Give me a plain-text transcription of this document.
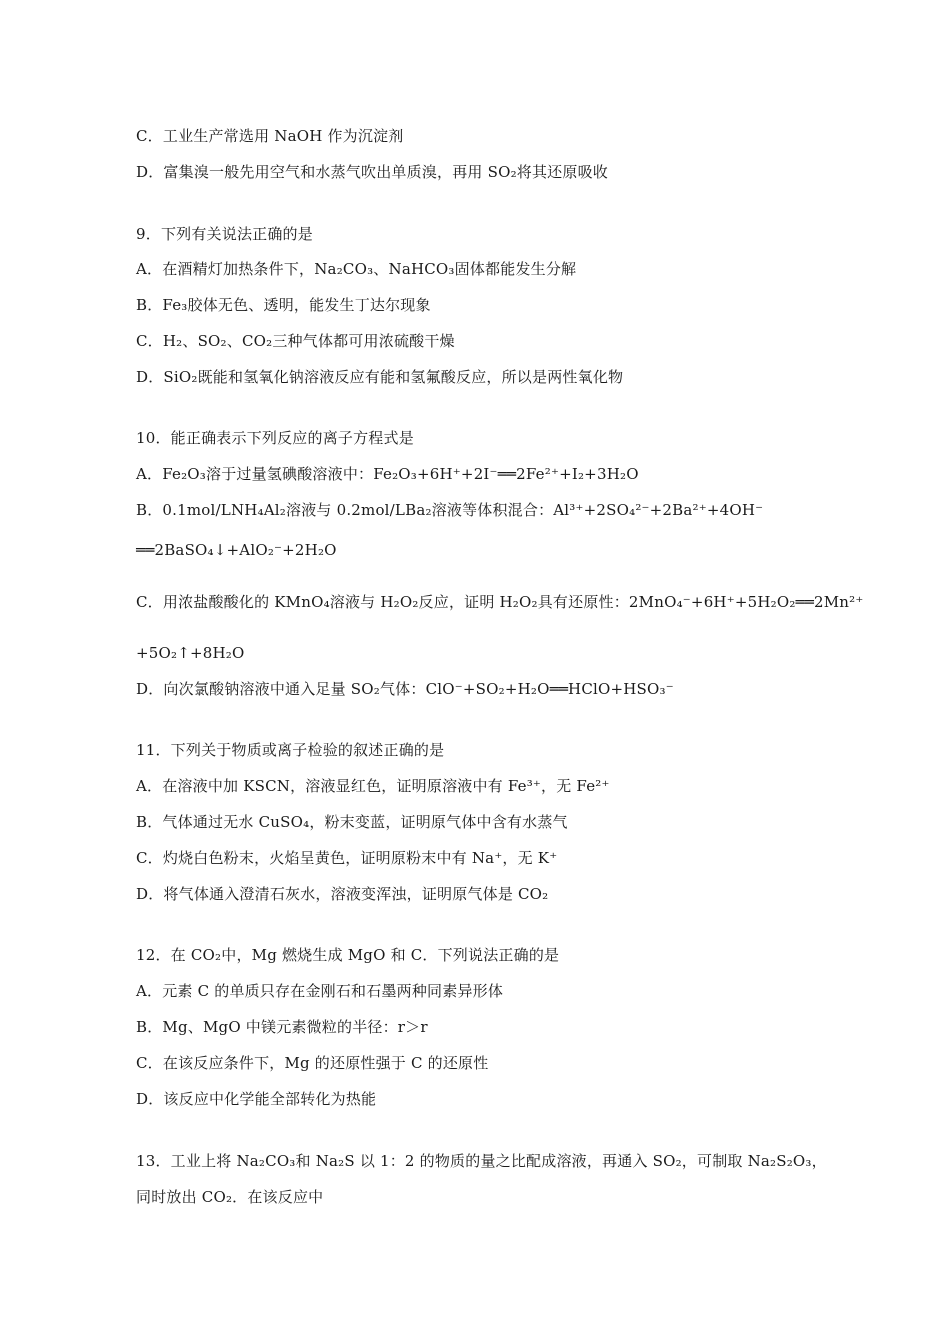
C．工业生产常选用 NaOH 作为沉淀剂
D．富集溴一般先用空气和水蒸气吹出单质溴，再用 SO₂将其还原吸收
9．下列有关说法正确的是
A．在酒精灯加热条件下，Na₂CO₃、NaHCO₃固体都能发生分解
B．Fe₃胶体无色、透明，能发生丁达尔现象
C．H₂、SO₂、CO₂三种气体都可用浓硫酸干燥
D．SiO₂既能和氢氧化钠溶液反应有能和氢氟酸反应，所以是两性氧化物
10．能正确表示下列反应的离子方程式是
A．Fe₂O₃溶于过量氢碘酸溶液中：Fe₂O₃+6H⁺+2I⁻══2Fe²⁺+I₂+3H₂O
B．0.1mol/LNH₄Al₂溶液与 0.2mol/LBa₂溶液等体积混合：Al³⁺+2SO₄²⁻+2Ba²⁺+4OH⁻
══2BaSO₄↓+AlO₂⁻+2H₂O
C．用浓盐酸酸化的 KMnO₄溶液与 H₂O₂反应，证明 H₂O₂具有还原性：2MnO₄⁻+6H⁺+5H₂O₂══2Mn²⁺
+5O₂↑+8H₂O
D．向次氯酸钠溶液中通入足量 SO₂气体：ClO⁻+SO₂+H₂O══HClO+HSO₃⁻
11．下列关于物质或离子检验的叙述正确的是
A．在溶液中加 KSCN，溶液显红色，证明原溶液中有 Fe³⁺，无 Fe²⁺
B．气体通过无水 CuSO₄，粉末变蓝，证明原气体中含有水蒸气
C．灼烧白色粉末，火焰呈黄色，证明原粉末中有 Na⁺，无 K⁺
D．将气体通入澄清石灰水，溶液变浑浊，证明原气体是 CO₂
12．在 CO₂中，Mg 燃烧生成 MgO 和 C．下列说法正确的是
A．元素 C 的单质只存在金刚石和石墨两种同素异形体
B．Mg、MgO 中镁元素微粒的半径：r＞r
C．在该反应条件下，Mg 的还原性强于 C 的还原性
D．该反应中化学能全部转化为热能
13．工业上将 Na₂CO₃和 Na₂S 以 1：2 的物质的量之比配成溶液，再通入 SO₂，可制取 Na₂S₂O₃，
同时放出 CO₂．在该反应中
